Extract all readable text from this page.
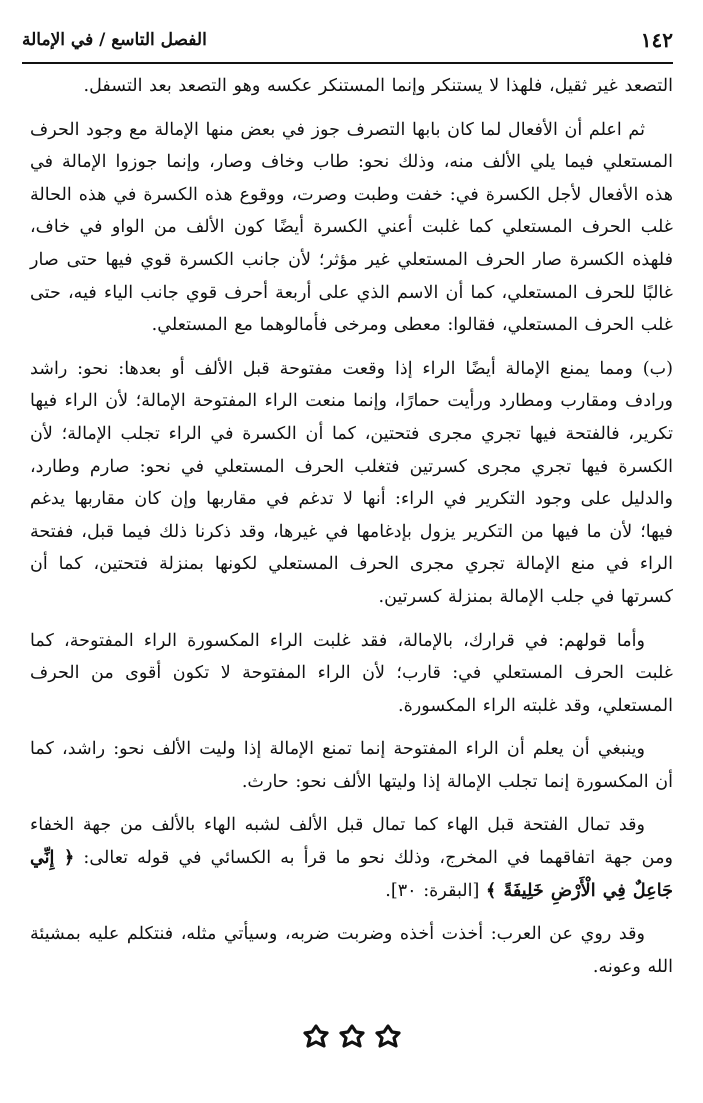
الفصل التاسع / في الإمالة	١٤٢

التصعد غير ثقيل، فلهذا لا يستنكر وإنما المستنكر عكسه وهو التصعد بعد التسفل.

ثم اعلم أن الأفعال لما كان بابها التصرف جوز في بعض منها الإمالة مع وجود الحرف المستعلي فيما يلي الألف منه، وذلك نحو: طاب وخاف وصار، وإنما جوزوا الإمالة في هذه الأفعال لأجل الكسرة في: خفت وطبت وصرت، ووقوع هذه الكسرة في هذه الحالة غلب الحرف المستعلي كما غلبت أعني الكسرة أيضًا كون الألف من الواو في خاف، فلهذه الكسرة صار الحرف المستعلي غير مؤثر؛ لأن جانب الكسرة قوي فيها حتى صار غالبًا للحرف المستعلي، كما أن الاسم الذي على أربعة أحرف قوي جانب الياء فيه، حتى غلب الحرف المستعلي، فقالوا: معطى ومرخى فأمالوهما مع المستعلي.

(ب) ومما يمنع الإمالة أيضًا الراء إذا وقعت مفتوحة قبل الألف أو بعدها: نحو: راشد ورادف ومقارب ومطارد ورأيت حمارًا، وإنما منعت الراء المفتوحة الإمالة؛ لأن الراء فيها تكرير، فالفتحة فيها تجري مجرى فتحتين، كما أن الكسرة في الراء تجلب الإمالة؛ لأن الكسرة فيها تجري مجرى كسرتين فتغلب الحرف المستعلي في نحو: صارم وطارد، والدليل على وجود التكرير في الراء: أنها لا تدغم في مقاربها وإن كان مقاربها يدغم فيها؛ لأن ما فيها من التكرير يزول بإدغامها في غيرها، وقد ذكرنا ذلك فيما قبل، ففتحة الراء في منع الإمالة تجري مجرى الحرف المستعلي لكونها بمنزلة فتحتين، كما أن كسرتها في جلب الإمالة بمنزلة كسرتين.

وأما قولهم: في قرارك، بالإمالة، فقد غلبت الراء المكسورة الراء المفتوحة، كما غلبت الحرف المستعلي في: قارب؛ لأن الراء المفتوحة لا تكون أقوى من الحرف المستعلي، وقد غلبته الراء المكسورة.

وينبغي أن يعلم أن الراء المفتوحة إنما تمنع الإمالة إذا وليت الألف نحو: راشد، كما أن المكسورة إنما تجلب الإمالة إذا وليتها الألف نحو: حارث.

وقد تمال الفتحة قبل الهاء كما تمال قبل الألف لشبه الهاء بالألف من جهة الخفاء ومن جهة اتفاقهما في المخرج، وذلك نحو ما قرأ به الكسائي في قوله تعالى: ﴿ إِنِّي جَاعِلٌ فِي الْأَرْضِ خَلِيفَةً ﴾ [البقرة: ٣٠].

وقد روي عن العرب: أخذت أخذه وضربت ضربه، وسيأتي مثله، فنتكلم عليه بمشيئة الله وعونه.
